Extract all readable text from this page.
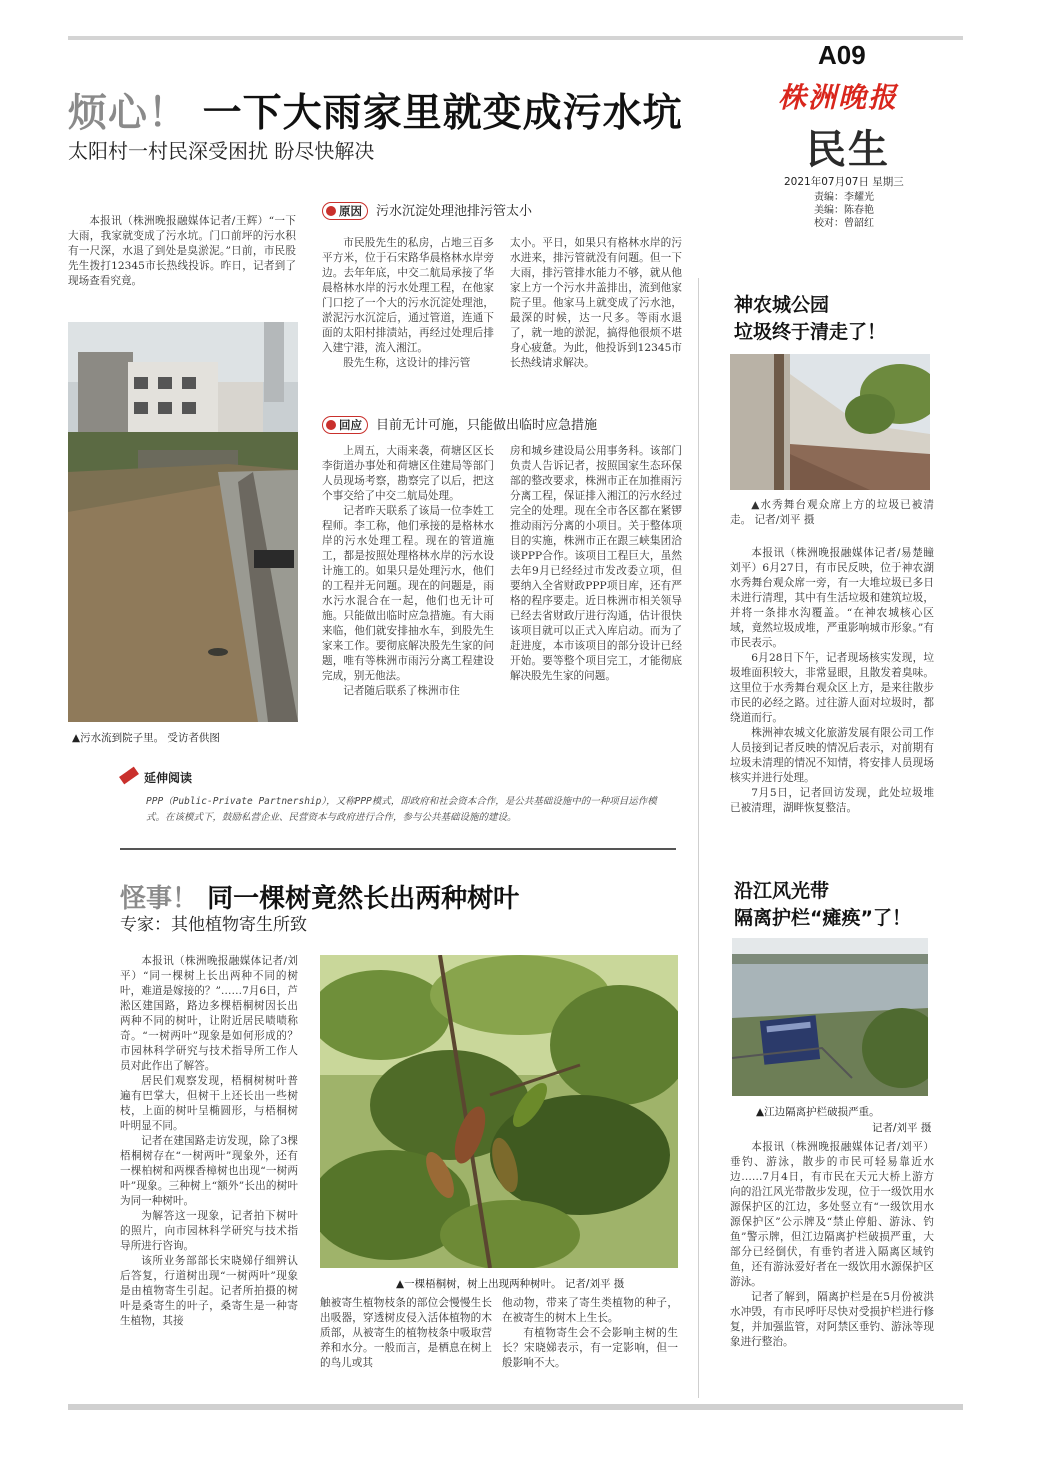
A09
株洲晚报
民生
2021年07月07日 星期三
责编：李耀光
美编：陈春艳
校对：曾韶红
烦心！ 一下大雨家里就变成污水坑
太阳村一村民深受困扰 盼尽快解决

本报讯（株洲晚报融媒体记者/王辉）“一下大雨，我家就变成了污水坑。门口前坪的污水积有一尺深，水退了到处是臭淤泥。”日前，市民股先生拨打12345市长热线投诉。昨日，记者到了现场查看究竟。

▲污水流到院子里。 受访者供图
原因 污水沉淀处理池排污管太小

市民股先生的私房，占地三百多平方米，位于石宋路华晨格林水岸旁边。去年年底，中交二航局承接了华晨格林水岸的污水处理工程，在他家门口挖了一个大的污水沉淀处理池，淤泥污水沉淀后，通过管道，连通下面的太阳村排渍站，再经过处理后排入建宁港，流入湘江。

股先生称，这设计的排污管

太小。平日，如果只有格林水岸的污水进来，排污管就没有问题。但一下大雨，排污管排水能力不够，就从他家上方一个污水井盖排出，流到他家院子里。他家马上就变成了污水池，最深的时候，达一尺多。等雨水退了，就一地的淤泥，搞得他很烦不堪身心疲惫。为此，他投诉到12345市长热线请求解决。

回应 目前无计可施，只能做出临时应急措施

上周五，大雨来袭，荷塘区区长李街道办事处和荷塘区住建局等部门人员现场考察，勘察完了以后，把这个事交给了中交二航局处理。

记者昨天联系了该局一位李姓工程师。李工称，他们承接的是格林水岸的污水处理工程。现在的管道施工，都是按照处理格林水岸的污水设计施工的。如果只是处理污水，他们的工程并无问题。现在的问题是，雨水污水混合在一起，他们也无计可施。只能做出临时应急措施。有大雨来临，他们就安排抽水车，到股先生家来工作。要彻底解决股先生家的问题，唯有等株洲市雨污分离工程建设完成，别无他法。

记者随后联系了株洲市住

房和城乡建设局公用事务科。该部门负责人告诉记者，按照国家生态环保部的整改要求，株洲市正在加推雨污分离工程，保证排入湘江的污水经过完全的处理。现在全市各区都在紧锣推动雨污分离的小项目。关于整体项目的实施，株洲市正在跟三峡集团洽谈PPP合作。该项目工程巨大，虽然去年9月已经经过市发改委立项，但要纳入全省财政PPP项目库，还有严格的程序要走。近日株洲市相关领导已经去省财政厅进行沟通，估计很快该项目就可以正式入库启动。而为了赶进度，本市该项目的部分设计已经开始。要等整个项目完工，才能彻底解决股先生家的问题。

延伸阅读
PPP（Public-Private Partnership），又称PPP模式，即政府和社会资本合作，是公共基础设施中的一种项目运作模式。在该模式下，鼓励私营企业、民营资本与政府进行合作，参与公共基础设施的建设。
怪事！ 同一棵树竟然长出两种树叶
专家：其他植物寄生所致

本报讯（株洲晚报融媒体记者/刘平）“同一棵树上长出两种不同的树叶，难道是嫁接的？”……7月6日，芦淞区建国路，路边多棵梧桐树因长出两种不同的树叶，让附近居民啧啧称奇。“一树两叶”现象是如何形成的？市园林科学研究与技术指导所工作人员对此作出了解答。

居民们观察发现，梧桐树树叶普遍有巴掌大，但树干上还长出一些树枝，上面的树叶呈椭圆形，与梧桐树叶明显不同。

记者在建国路走访发现，除了3棵梧桐树存在“一树两叶”现象外，还有一棵柏树和两棵香樟树也出现“一树两叶”现象。三种树上“额外”长出的树叶为同一种树叶。

为解答这一现象，记者拍下树叶的照片，向市园林科学研究与技术指导所进行咨询。

该所业务部部长宋晓娣仔细辨认后答复，行道树出现“一树两叶”现象是由植物寄生引起。记者所拍摄的树叶是桑寄生的叶子，桑寄生是一种寄生植物，其接

▲一棵梧桐树，树上出现两种树叶。 记者/刘平 摄

触被寄生植物枝条的部位会慢慢生长出吸器，穿透树皮侵入活体植物的木质部，从被寄生的植物枝条中吸取营养和水分。一般而言，是栖息在树上的鸟儿或其

他动物，带来了寄生类植物的种子，在被寄生的树木上生长。

有植物寄生会不会影响主树的生长？宋晓娣表示，有一定影响，但一般影响不大。

神农城公园
垃圾终于清走了！

▲水秀舞台观众席上方的垃圾已被清走。 记者/刘平 摄

本报讯（株洲晚报融媒体记者/易楚瞳 刘平）6月27日，有市民反映，位于神农湖水秀舞台观众席一旁，有一大堆垃圾已多日未进行清理，其中有生活垃圾和建筑垃圾，并将一条排水沟覆盖。“在神农城核心区域，竟然垃圾成堆，严重影响城市形象。”有市民表示。

6月28日下午，记者现场核实发现，垃圾堆面积较大，非常显眼，且散发着臭味。这里位于水秀舞台观众区上方，是来往散步市民的必经之路。过往游人面对垃圾时，都绕道而行。

株洲神农城文化旅游发展有限公司工作人员接到记者反映的情况后表示，对前期有垃圾未清理的情况不知情，将安排人员现场核实并进行处理。

7月5日，记者回访发现，此处垃圾堆已被清理，湖畔恢复整洁。

沿江风光带
隔离护栏“瘫痪”了！
▲江边隔离护栏破损严重。
记者/刘平 摄

本报讯（株洲晚报融媒体记者/刘平）垂钓、游泳，散步的市民可轻易靠近水边……7月4日，有市民在天元大桥上游方向的沿江风光带散步发现，位于一级饮用水源保护区的江边，多处竖立有“一级饮用水源保护区”公示牌及“禁止停船、游泳、钓鱼”警示牌，但江边隔离护栏破损严重，大部分已经倒伏，有垂钓者进入隔离区域钓鱼，还有游泳爱好者在一级饮用水源保护区游泳。

记者了解到，隔离护栏是在5月份被洪水冲毁，有市民呼吁尽快对受损护栏进行修复，并加强监管，对阿禁区垂钓、游泳等现象进行整治。
